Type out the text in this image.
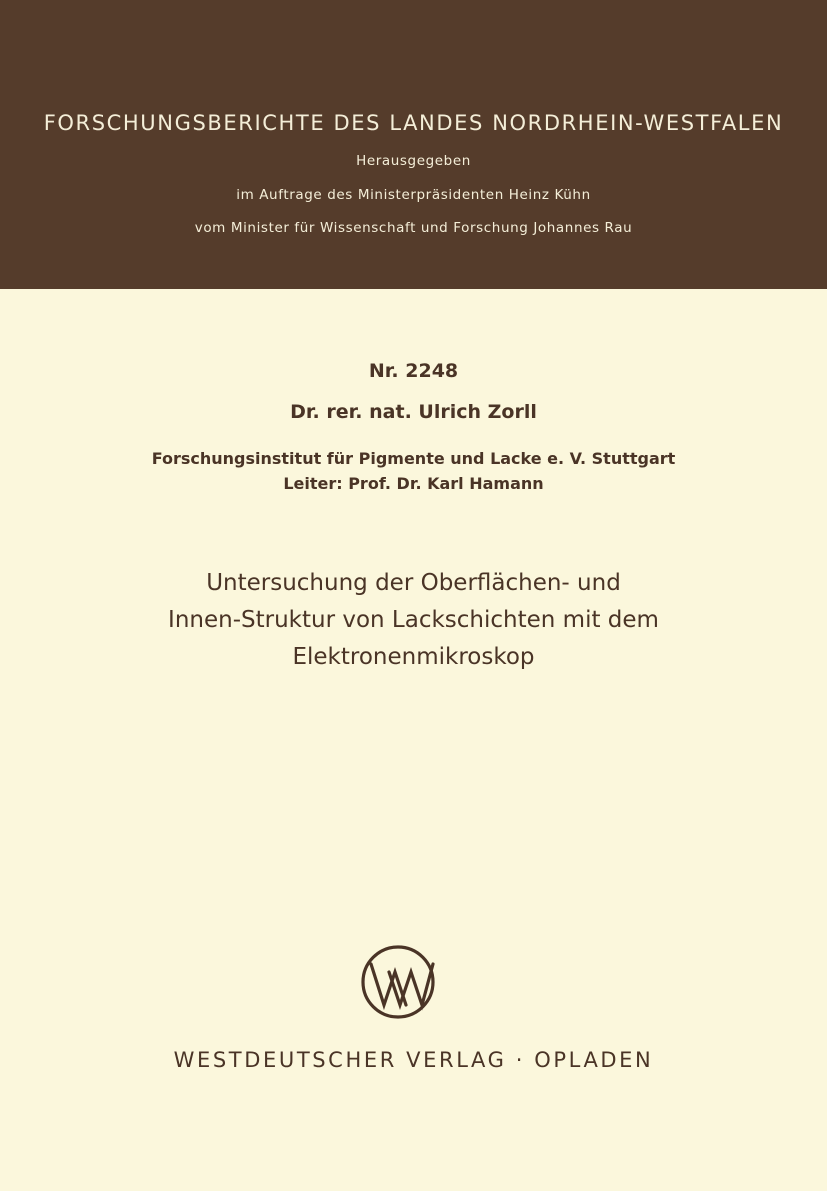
FORSCHUNGSBERICHTE DES LANDES NORDRHEIN-WESTFALEN
Herausgegeben
im Auftrage des Ministerpräsidenten Heinz Kühn
vom Minister für Wissenschaft und Forschung Johannes Rau
Nr. 2248
Dr. rer. nat. Ulrich Zorll
Forschungsinstitut für Pigmente und Lacke e. V. Stuttgart
Leiter: Prof. Dr. Karl Hamann
Untersuchung der Oberflächen- und
Innen-Struktur von Lackschichten mit dem
Elektronenmikroskop
WESTDEUTSCHER VERLAG · OPLADEN
